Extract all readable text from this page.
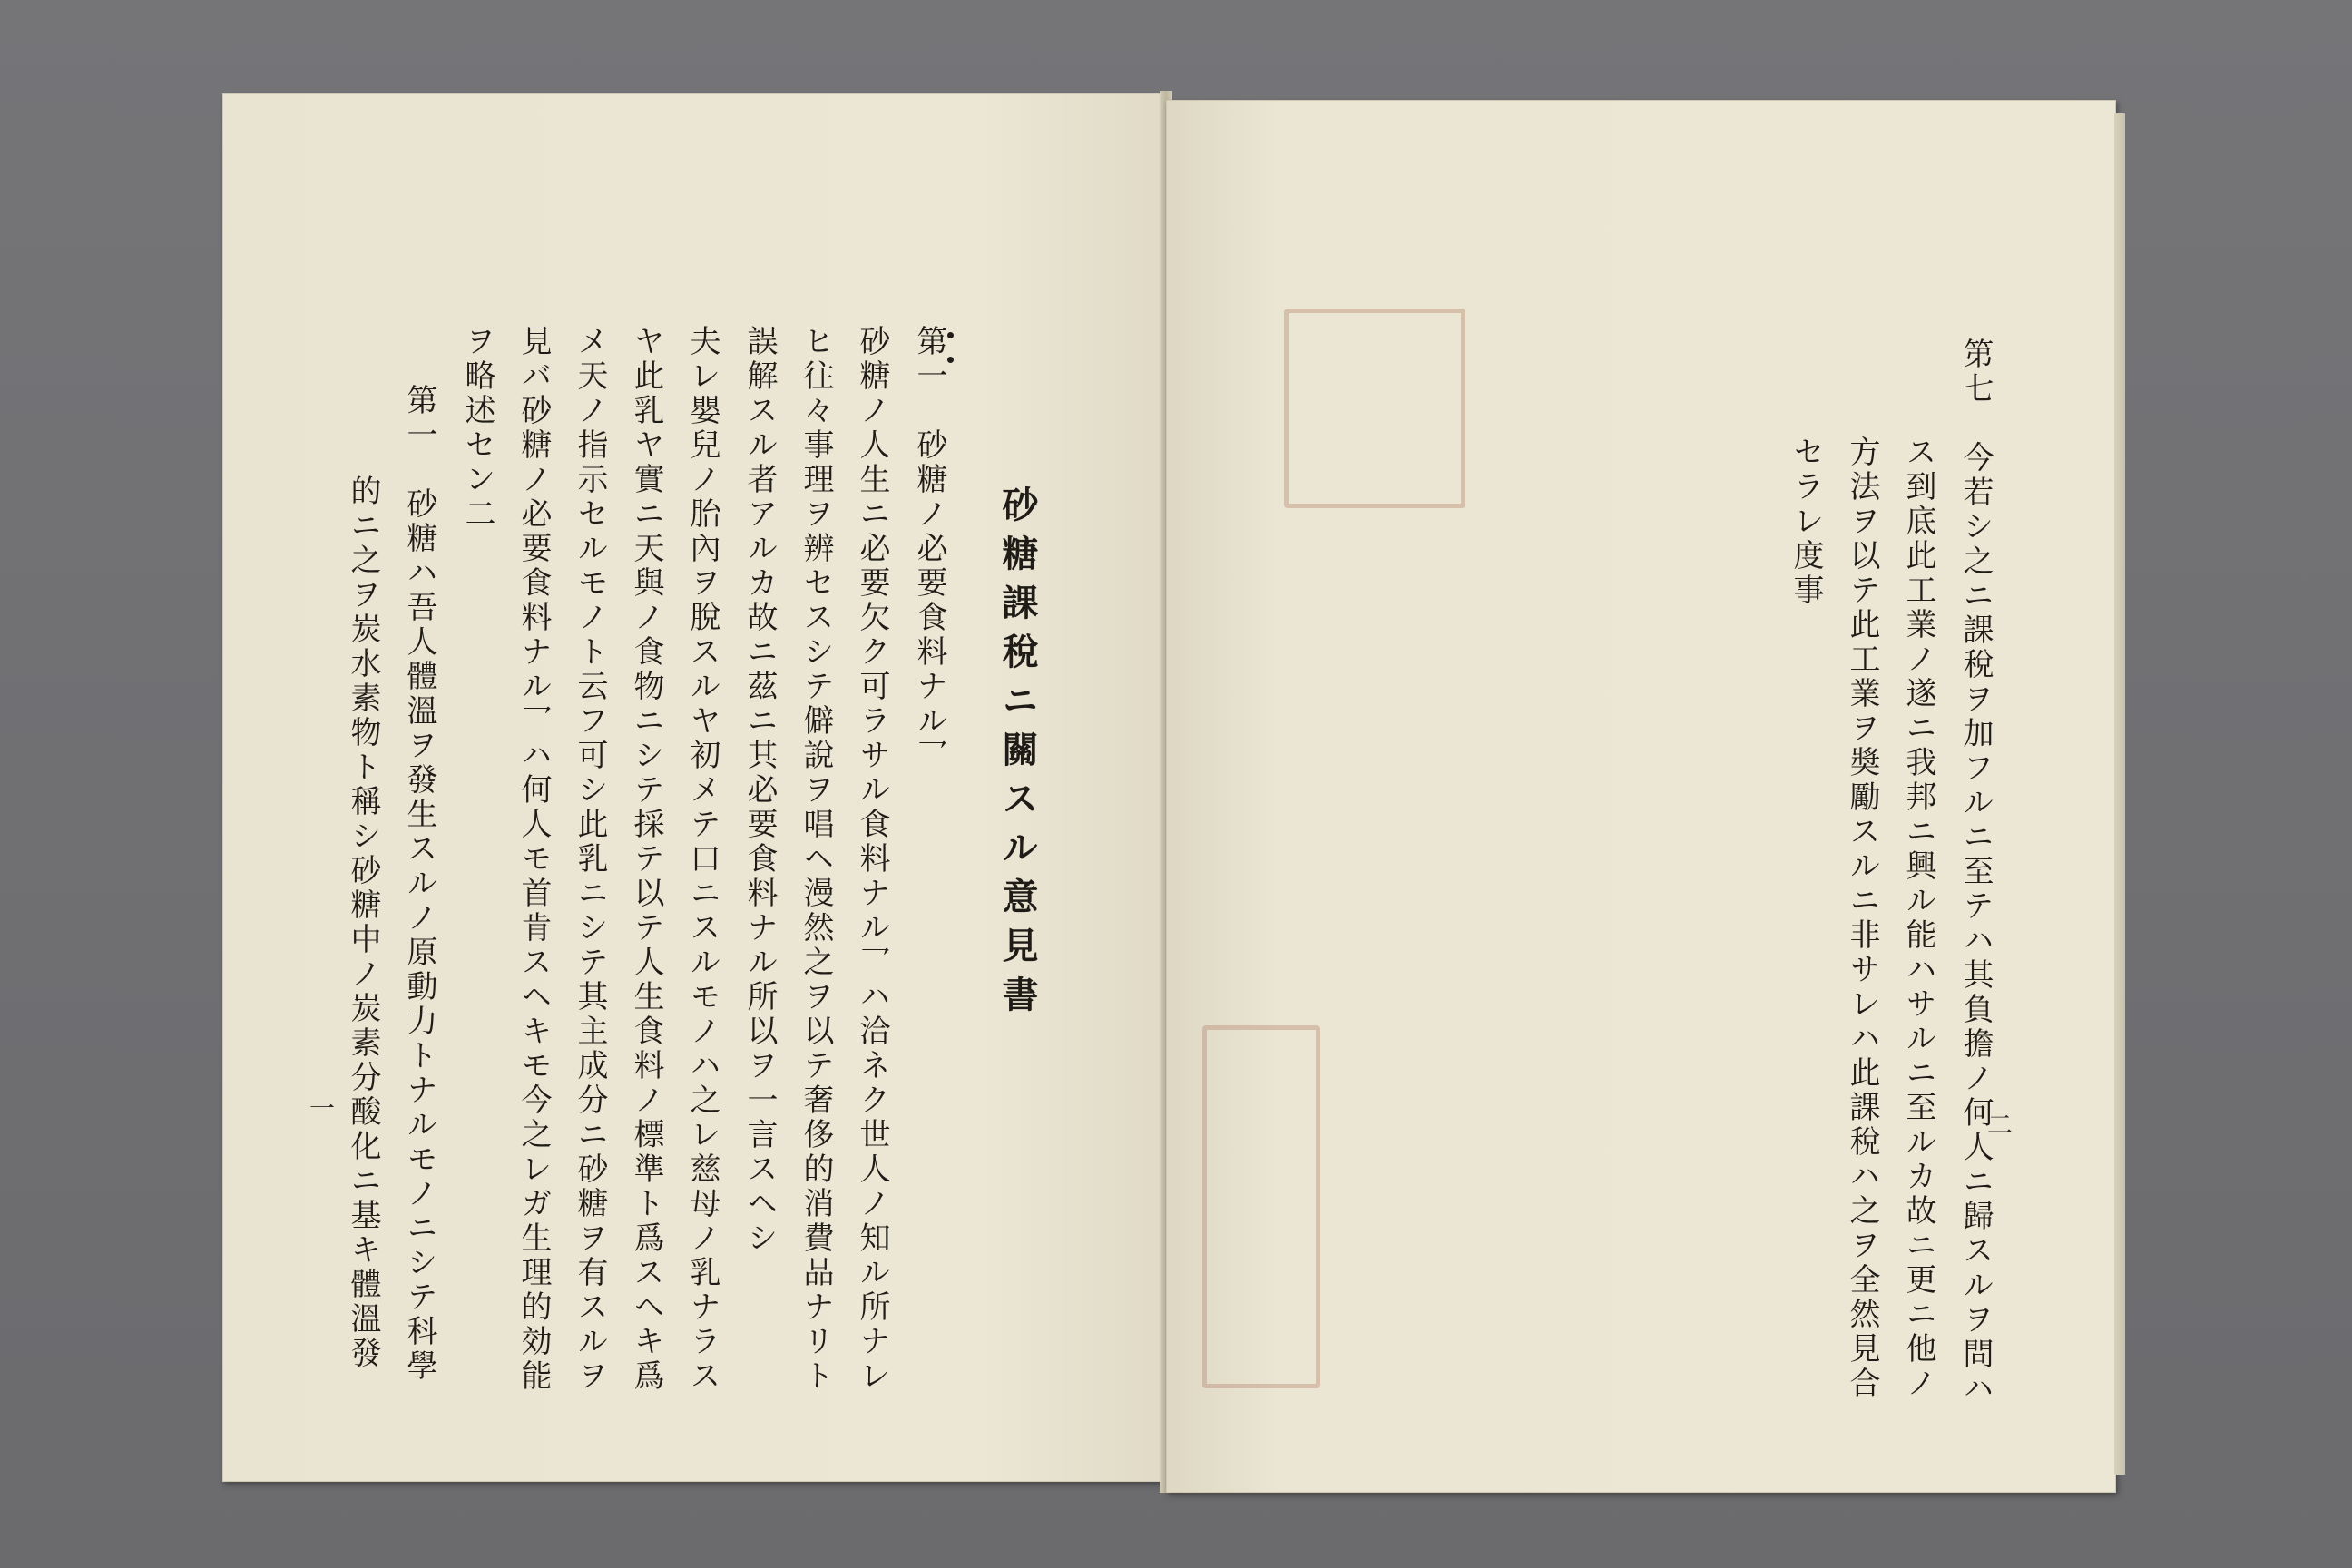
砂糖課稅ニ關スル意見書
第一　砂糖ノ必要食料ナル乛
砂糖ノ人生ニ必要欠ク可ラサル食料ナル乛ハ洽ネク世人ノ知ル所ナレ
ヒ往々事理ヲ辨セスシテ僻說ヲ唱ヘ漫然之ヲ以テ奢侈的消費品ナリト
誤解スル者アルカ故ニ茲ニ其必要食料ナル所以ヲ一言スヘシ
夫レ嬰兒ノ胎內ヲ脫スルヤ初メテ口ニスルモノハ之レ慈母ノ乳ナラス
ヤ此乳ヤ實ニ天與ノ食物ニシテ採テ以テ人生食料ノ標準ト爲スヘキ爲
メ天ノ指示セルモノト云フ可シ此乳ニシテ其主成分ニ砂糖ヲ有スルヲ
見バ砂糖ノ必要食料ナル乛ハ何人モ首肯スヘキモ今之レガ生理的効能
ヲ略述セン二
第一　砂糖ハ吾人體溫ヲ發生スルノ原動力トナルモノニシテ科學
的ニ之ヲ炭水素物ト稱シ砂糖中ノ炭素分酸化ニ基キ體溫發
一	第七　今若シ之ニ課稅ヲ加フルニ至テハ其負擔ノ何人ニ歸スルヲ問ハ
ス到底此工業ノ遂ニ我邦ニ興ル能ハサルニ至ルカ故ニ更ニ他ノ
方法ヲ以テ此工業ヲ奬勵スルニ非サレハ此課稅ハ之ヲ全然見合
セラレ度事
二
